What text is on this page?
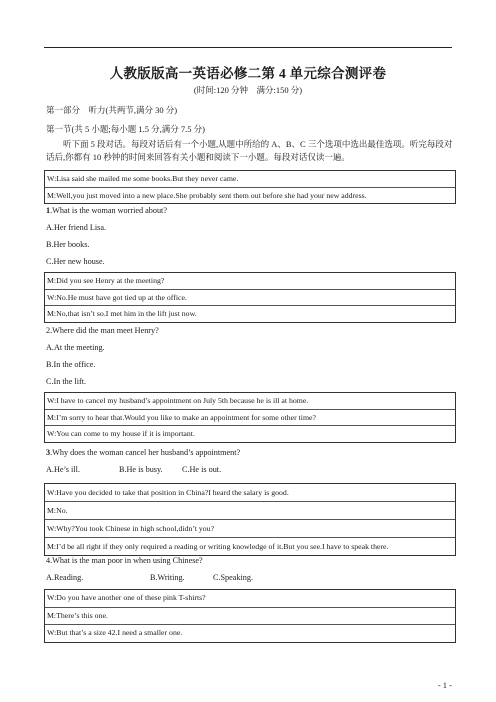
人教版版高一英语必修二第 4 单元综合测评卷
(时间:120 分钟　满分:150 分)
第一部分　听力(共两节,满分 30 分)
第一节(共 5 小题;每小题 1.5 分,满分 7.5 分)
听下面 5 段对话。每段对话后有一个小题,从题中所给的 A、B、C 三个选项中选出最佳选项。听完每段对话后,你都有 10 秒钟的时间来回答有关小题和阅读下一小题。每段对话仅读一遍。
W:Lisa said she mailed me some books.But they never came.
M:Well,you just moved into a new place.She probably sent them out before she had your new address.
1.What is the woman worried about?
A.Her friend Lisa.
B.Her books.
C.Her new house.
M:Did you see Henry at the meeting?
W:No.He must have got tied up at the office.
M:No,that isn’t so.I met him in the lift just now.
2.Where did the man meet Henry?
A.At the meeting.
B.In the office.
C.In the lift.
W:I have to cancel my husband’s appointment on July 5th because he is ill at home.
M:I’m sorry to hear that.Would you like to make an appointment for some other time?
W:You can come to my house if it is important.
3.Why does the woman cancel her husband’s appointment?
A.He’s ill.	B.He is busy. C.He is out.
W:Have you decided to take that position in China?I heard the salary is good.
M:No.
W:Why?You took Chinese in high school,didn’t you?
M:I’d be all right if they only required a reading or writing knowledge of it.But you see.I have to speak there.
4.What is the man poor in when using Chinese?
A.Reading.	B.Writing.	C.Speaking.
W:Do you have another one of these pink T-shirts?
M:There’s this one.
W:But that’s a size 42.I need a smaller one.
- 1 -
